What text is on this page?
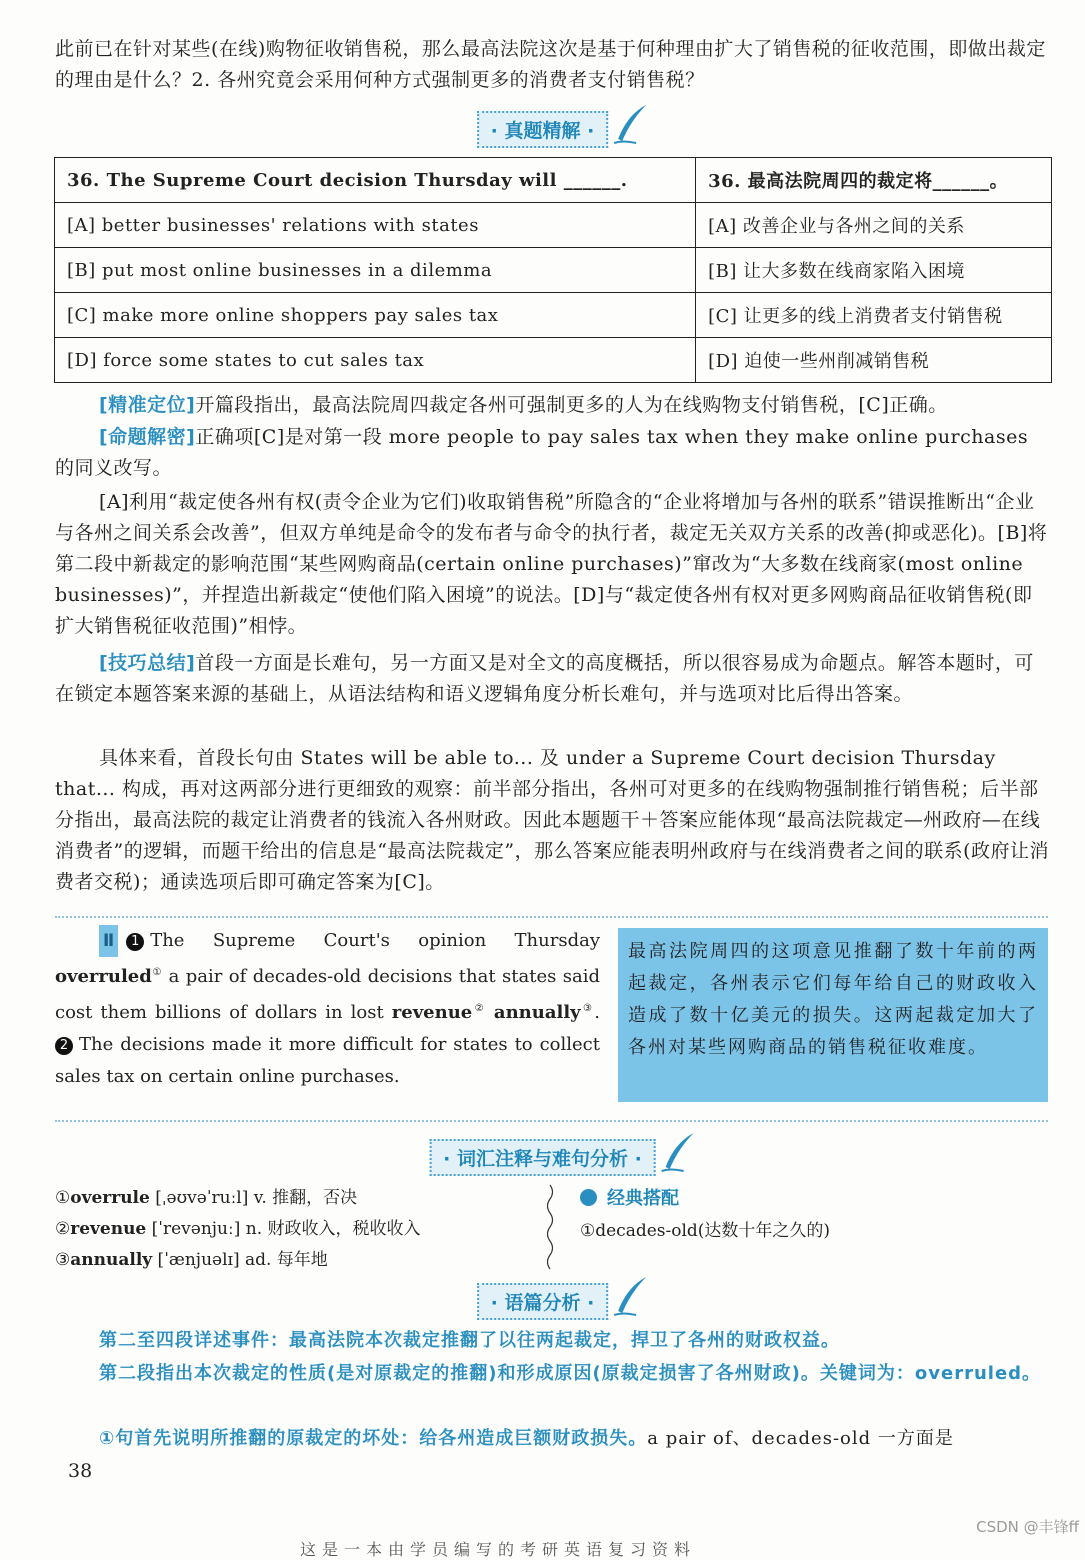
此前已在针对某些(在线)购物征收销售税，那么最高法院这次是基于何种理由扩大了销售税的征收范围，即做出裁定的理由是什么？2. 各州究竟会采用何种方式强制更多的消费者支付销售税？

· 真题精解 ·
36. The Supreme Court decision Thursday will ______.	36. 最高法院周四的裁定将______。
[A] better businesses' relations with states	[A] 改善企业与各州之间的关系
[B] put most online businesses in a dilemma	[B] 让大多数在线商家陷入困境
[C] make more online shoppers pay sales tax	[C] 让更多的线上消费者支付销售税
[D] force some states to cut sales tax	[D] 迫使一些州削减销售税

[精准定位]开篇段指出，最高法院周四裁定各州可强制更多的人为在线购物支付销售税，[C]正确。

[命题解密]正确项[C]是对第一段 more people to pay sales tax when they make online purchases 的同义改写。

[A]利用“裁定使各州有权(责令企业为它们)收取销售税”所隐含的“企业将增加与各州的联系”错误推断出“企业与各州之间关系会改善”，但双方单纯是命令的发布者与命令的执行者，裁定无关双方关系的改善(抑或恶化)。[B]将第二段中新裁定的影响范围“某些网购商品(certain online purchases)”窜改为“大多数在线商家(most online businesses)”，并捏造出新裁定“使他们陷入困境”的说法。[D]与“裁定使各州有权对更多网购商品征收销售税(即扩大销售税征收范围)”相悖。

[技巧总结]首段一方面是长难句，另一方面又是对全文的高度概括，所以很容易成为命题点。解答本题时，可在锁定本题答案来源的基础上，从语法结构和语义逻辑角度分析长难句，并与选项对比后得出答案。

具体来看，首段长句由 States will be able to... 及 under a Supreme Court decision Thursday that... 构成，再对这两部分进行更细致的观察：前半部分指出，各州可对更多的在线购物强制推行销售税；后半部分指出，最高法院的裁定让消费者的钱流入各州财政。因此本题题干＋答案应能体现“最高法院裁定—州政府—在线消费者”的逻辑，而题干给出的信息是“最高法院裁定”，那么答案应能表明州政府与在线消费者之间的联系(政府让消费者交税)；通读选项后即可确定答案为[C]。

Ⅱ 1 The Supreme Court's opinion Thursday overruled① a pair of decades-old decisions that states said cost them billions of dollars in lost revenue② annually③. 2 The decisions made it more difficult for states to collect sales tax on certain online purchases.
最高法院周四的这项意见推翻了数十年前的两起裁定，各州表示它们每年给自己的财政收入造成了数十亿美元的损失。这两起裁定加大了各州对某些网购商品的销售税征收难度。
· 词汇注释与难句分析 ·
①overrule [ˌəʊvəˈruːl] v. 推翻，否决
②revenue [ˈrevənjuː] n. 财政收入，税收收入
③annually [ˈænjuəlɪ] ad. 每年地
经典搭配
①decades-old(达数十年之久的)
· 语篇分析 ·
第二至四段详述事件：最高法院本次裁定推翻了以往两起裁定，捍卫了各州的财政权益。
第二段指出本次裁定的性质(是对原裁定的推翻)和形成原因(原裁定损害了各州财政)。关键词为：overruled。
①句首先说明所推翻的原裁定的坏处：给各州造成巨额财政损失。a pair of、decades-old 一方面是
38
CSDN @丰锋ff
这是一本由学员编写的考研英语复习资料
